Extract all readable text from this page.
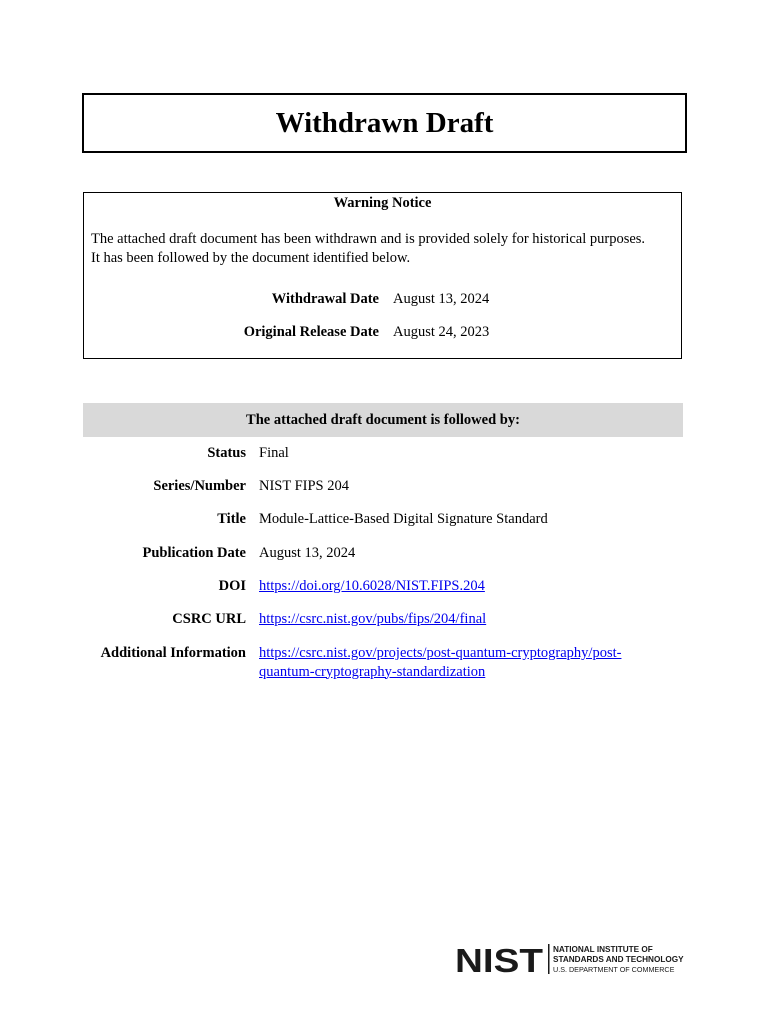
Withdrawn Draft
Warning Notice
The attached draft document has been withdrawn and is provided solely for historical purposes.
It has been followed by the document identified below.
Withdrawal Date August 13, 2024
Original Release Date August 24, 2023
The attached draft document is followed by:
Status Final
Series/Number NIST FIPS 204
Title Module-Lattice-Based Digital Signature Standard
Publication Date August 13, 2024
DOI https://doi.org/10.6028/NIST.FIPS.204
CSRC URL https://csrc.nist.gov/pubs/fips/204/final
Additional Information https://csrc.nist.gov/projects/post-quantum-cryptography/post-
quantum-cryptography-standardization
NIST NATIONAL INSTITUTE OF
STANDARDS AND TECHNOLOGY
U.S. DEPARTMENT OF COMMERCE
